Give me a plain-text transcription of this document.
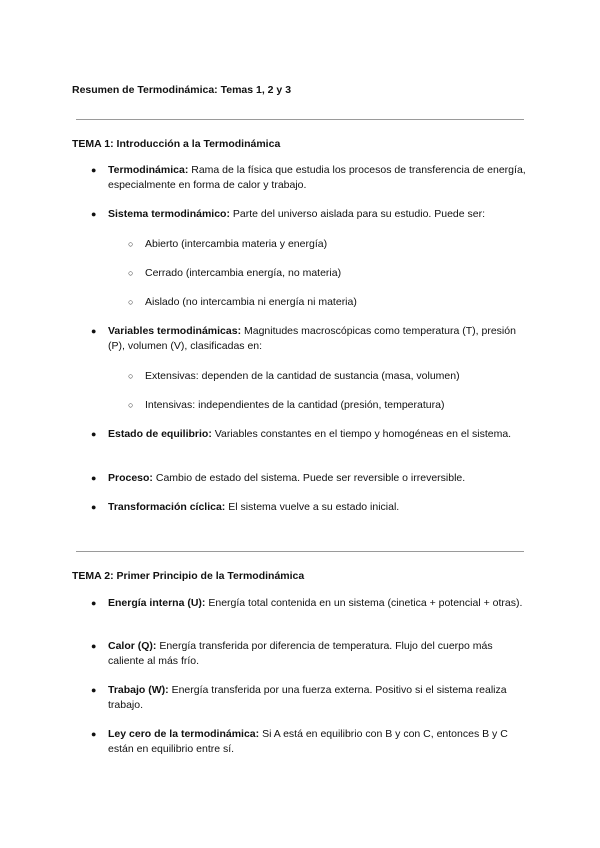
Resumen de Termodinámica: Temas 1, 2 y 3
TEMA 1: Introducción a la Termodinámica
● Termodinámica: Rama de la física que estudia los procesos de transferencia de energía, especialmente en forma de calor y trabajo.
● Sistema termodinámico: Parte del universo aislada para su estudio. Puede ser:
○ Abierto (intercambia materia y energía)
○ Cerrado (intercambia energía, no materia)
○ Aislado (no intercambia ni energía ni materia)
● Variables termodinámicas: Magnitudes macroscópicas como temperatura (T), presión (P), volumen (V), clasificadas en:
○ Extensivas: dependen de la cantidad de sustancia (masa, volumen)
○ Intensivas: independientes de la cantidad (presión, temperatura)
● Estado de equilibrio: Variables constantes en el tiempo y homogéneas en el sistema.
● Proceso: Cambio de estado del sistema. Puede ser reversible o irreversible.
● Transformación cíclica: El sistema vuelve a su estado inicial.
TEMA 2: Primer Principio de la Termodinámica
● Energía interna (U): Energía total contenida en un sistema (cinetica + potencial + otras).
● Calor (Q): Energía transferida por diferencia de temperatura. Flujo del cuerpo más caliente al más frío.
● Trabajo (W): Energía transferida por una fuerza externa. Positivo si el sistema realiza trabajo.
● Ley cero de la termodinámica: Si A está en equilibrio con B y con C, entonces B y C están en equilibrio entre sí.
